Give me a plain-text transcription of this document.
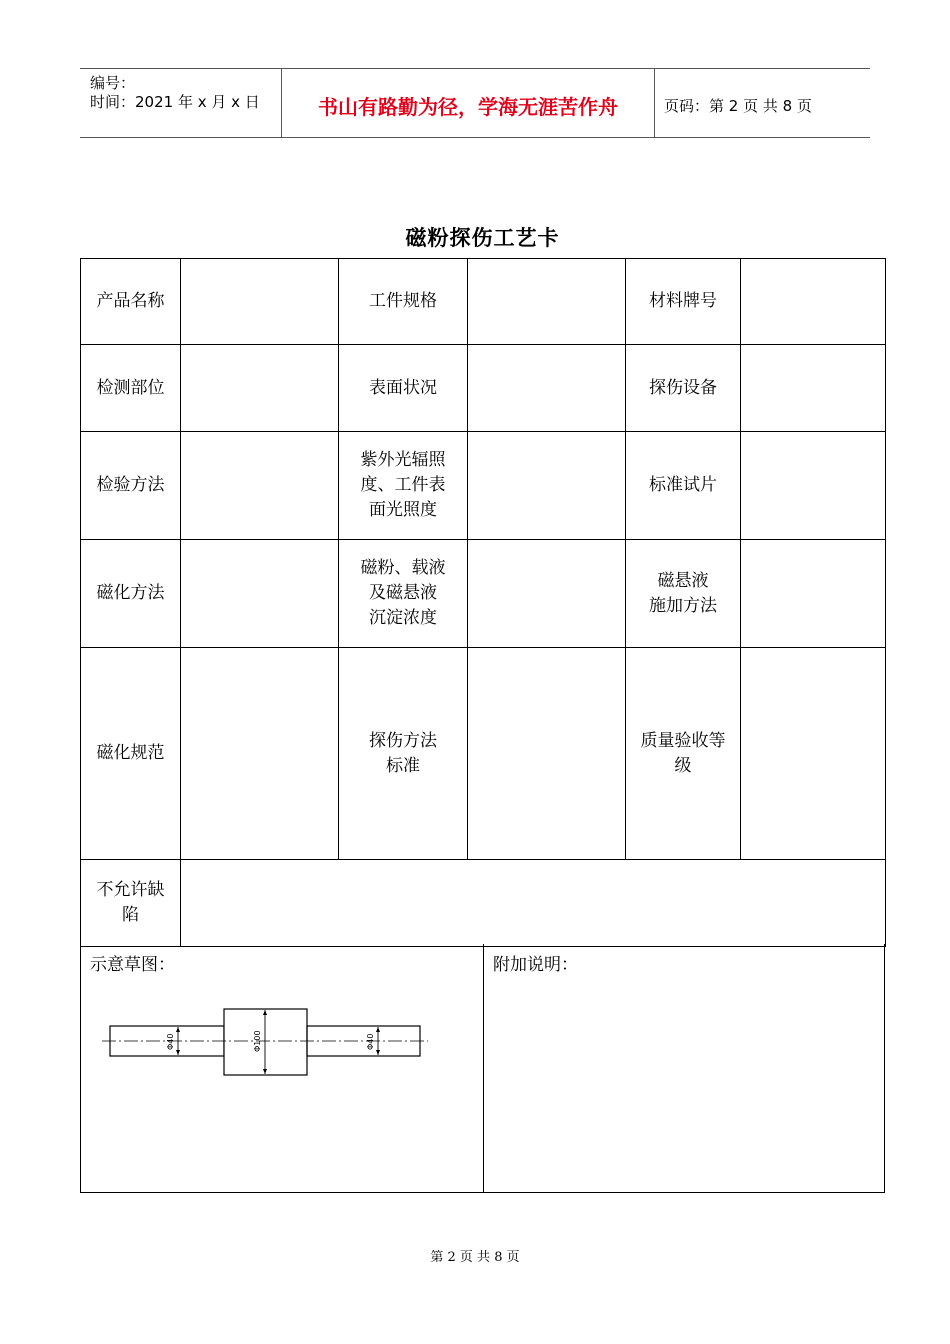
编号：
时间：2021 年 x 月 x 日	书山有路勤为径，学海无涯苦作舟	页码：第 2 页 共 8 页
磁粉探伤工艺卡
产品名称		工件规格		材料牌号	
检测部位		表面状况		探伤设备	
检验方法		紫外光辐照
度、工件表
面光照度		标准试片	
磁化方法		磁粉、载液
及磁悬液
沉淀浓度		磁悬液
施加方法	

磁化规范		探伤方法
标准		质量验收等
级	

不允许缺
陷					

示意草图：	附加说明：
Φ40	Φ100	Φ40
第 2 页 共 8 页
